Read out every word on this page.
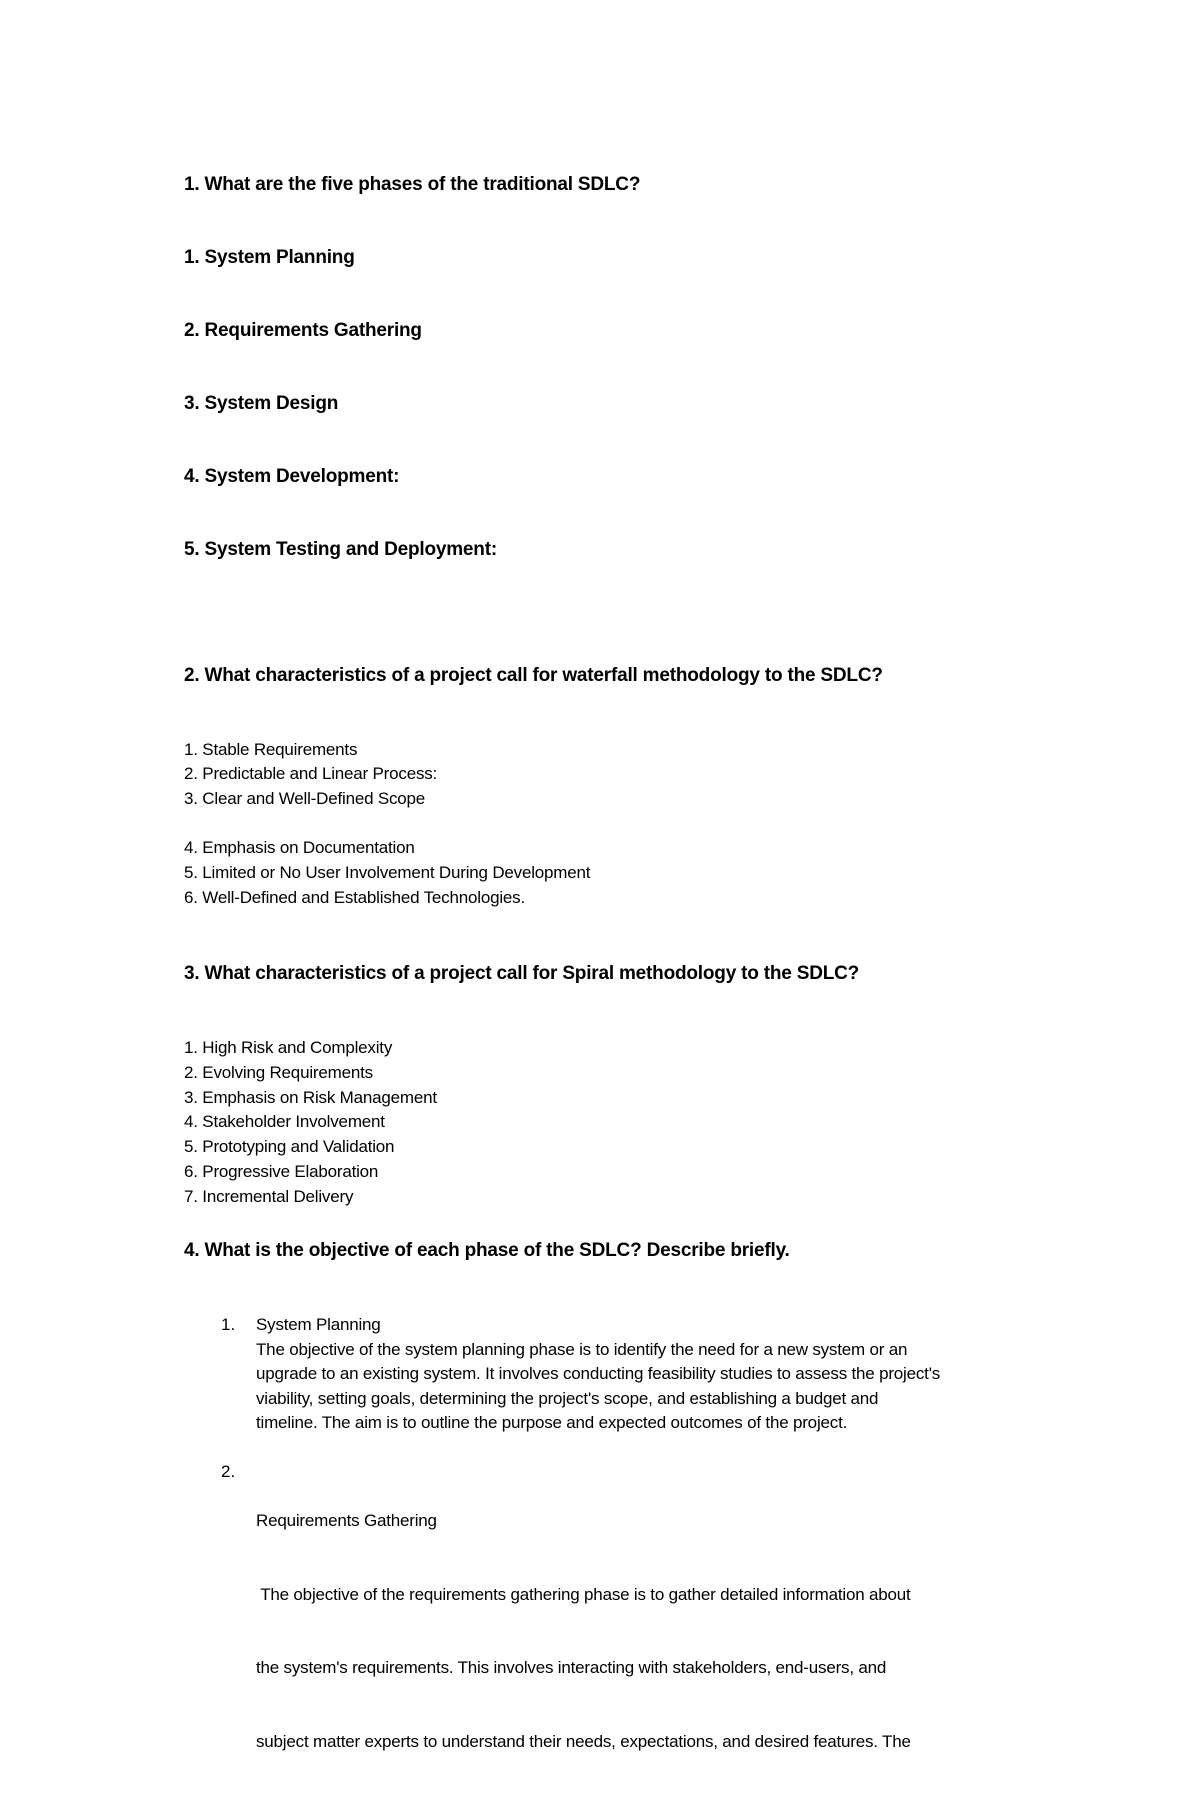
1. What are the five phases of the traditional SDLC?
1. System Planning
2. Requirements Gathering
3. System Design
4. System Development:
5. System Testing and Deployment:
2. What characteristics of a project call for waterfall methodology to the SDLC?
1. Stable Requirements
2. Predictable and Linear Process:
3. Clear and Well-Defined Scope
4. Emphasis on Documentation
5. Limited or No User Involvement During Development
6. Well-Defined and Established Technologies.
3. What characteristics of a project call for Spiral methodology to the SDLC?
1. High Risk and Complexity
2. Evolving Requirements
3. Emphasis on Risk Management
4. Stakeholder Involvement
5. Prototyping and Validation
6. Progressive Elaboration
7. Incremental Delivery
4. What is the objective of each phase of the SDLC? Describe briefly.
1. System Planning
The objective of the system planning phase is to identify the need for a new system or an
upgrade to an existing system. It involves conducting feasibility studies to assess the project's
viability, setting goals, determining the project's scope, and establishing a budget and
timeline. The aim is to outline the purpose and expected outcomes of the project.
2.

Requirements Gathering

The objective of the requirements gathering phase is to gather detailed information about

the system's requirements. This involves interacting with stakeholders, end-users, and

subject matter experts to understand their needs, expectations, and desired features. The
